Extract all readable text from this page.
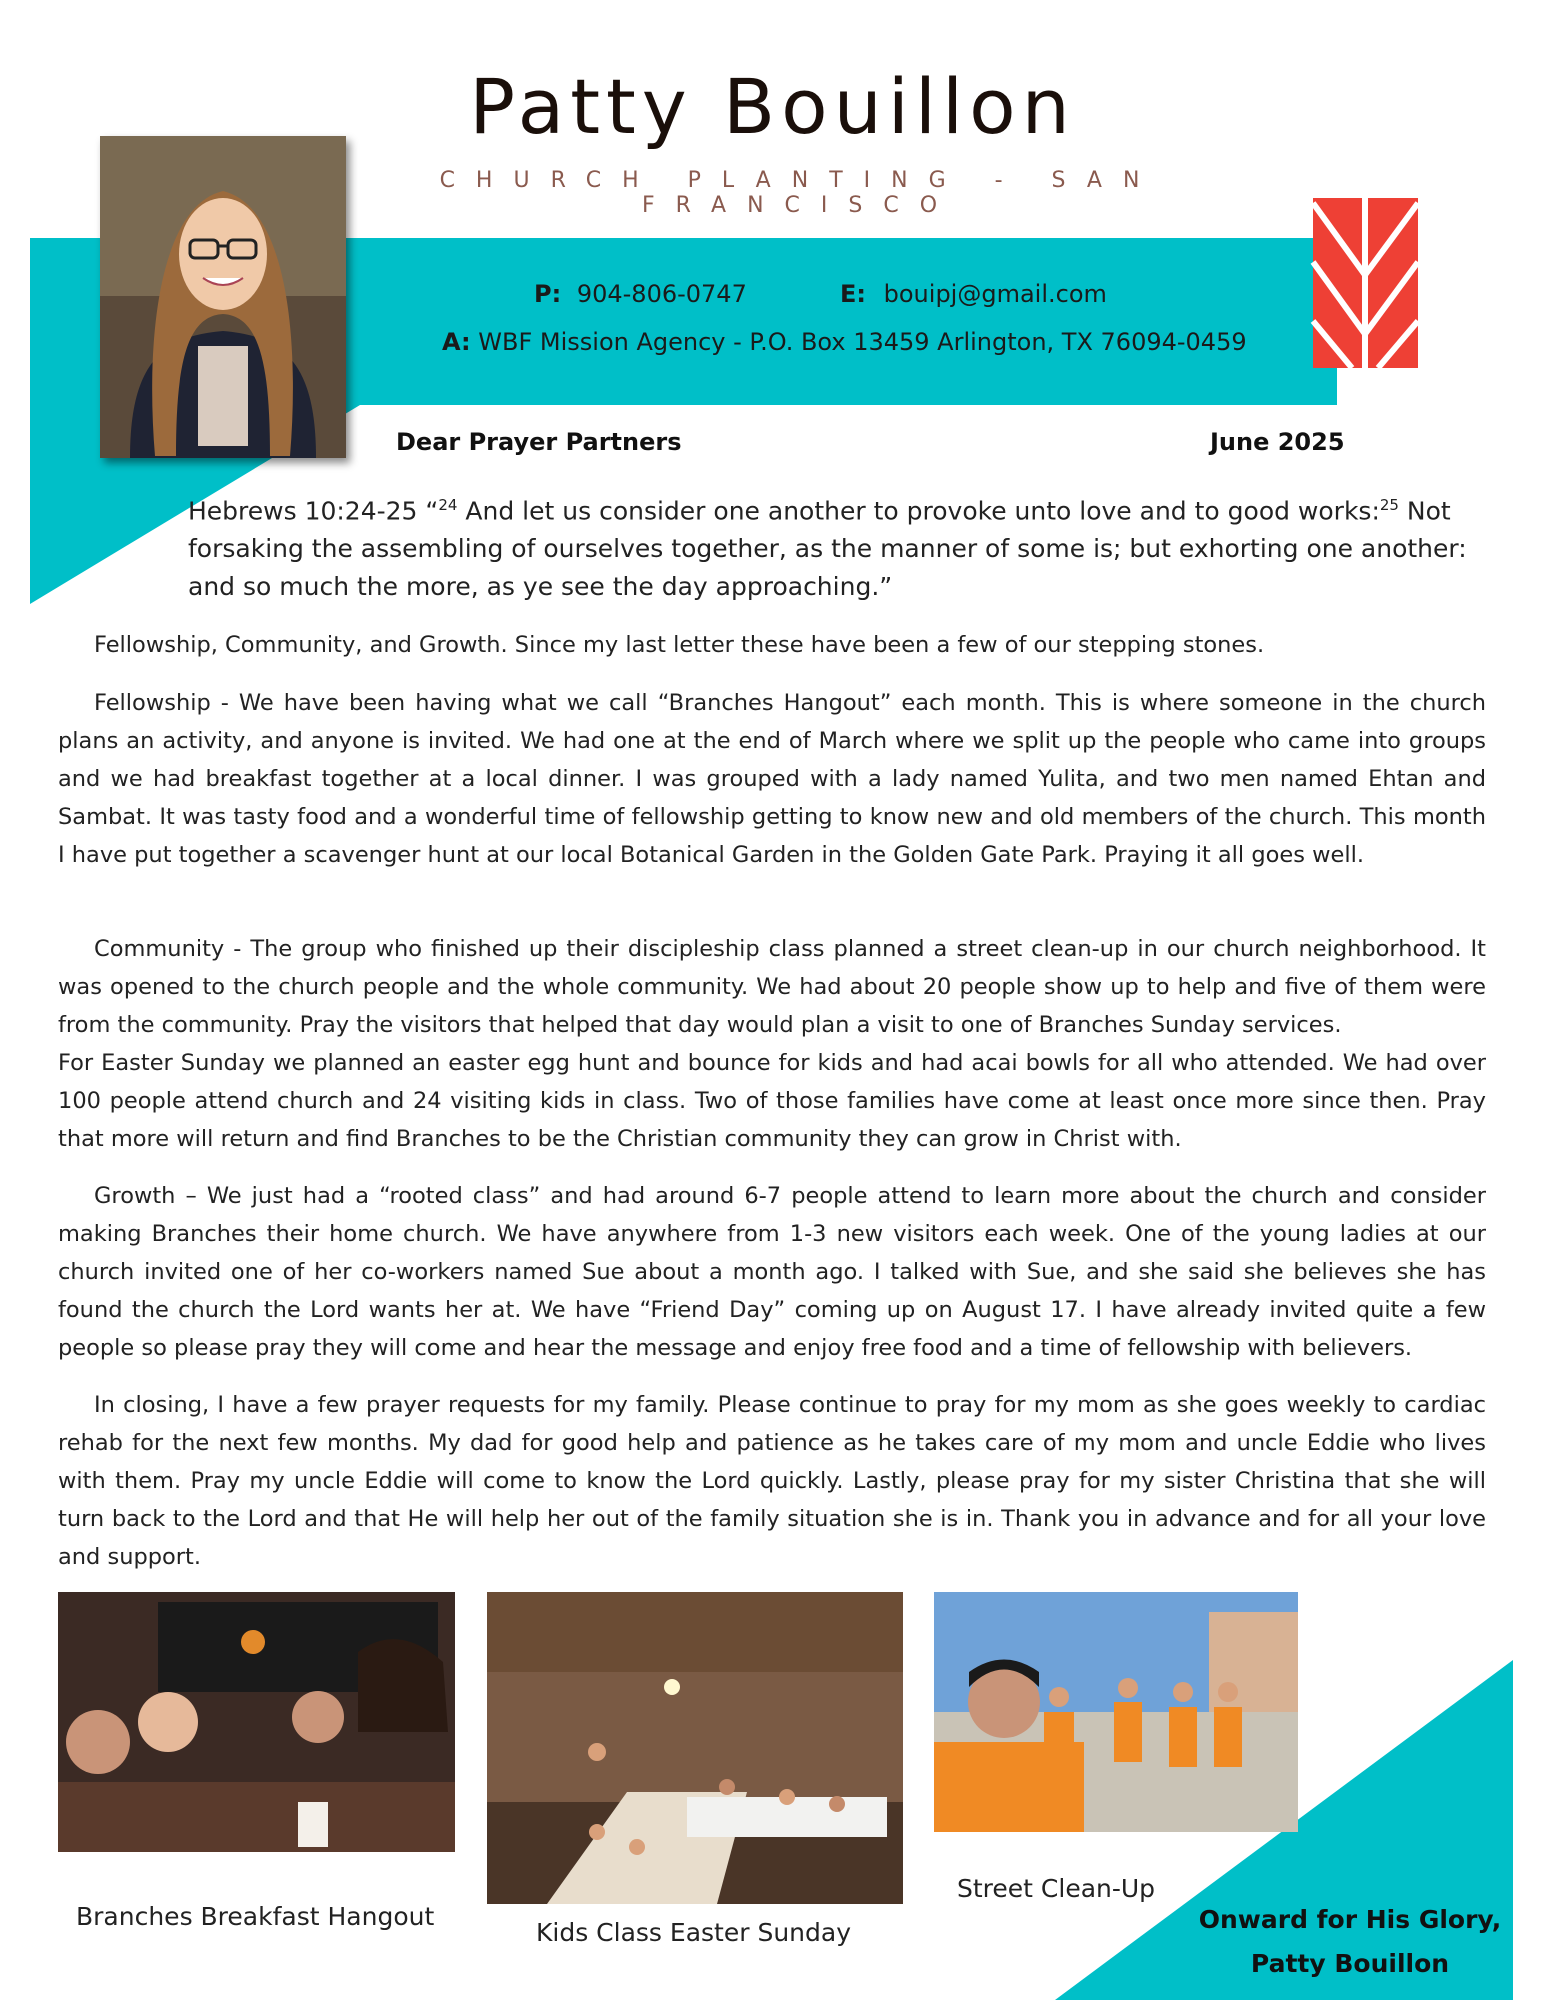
Patty Bouillon
CHURCH PLANTING - SAN FRANCISCO
P: 904-806-0747	E: bouipj@gmail.com
A: WBF Mission Agency - P.O. Box 13459 Arlington, TX 76094-0459
Dear Prayer Partners	June 2025
Hebrews 10:24-25 “$^{24}$ And let us consider one another to provoke unto love and to good works:$^{25}$ Not forsaking the assembling of ourselves together, as the manner of some is; but exhorting one another: and so much the more, as ye see the day approaching.”

Fellowship, Community, and Growth. Since my last letter these have been a few of our stepping stones.

Fellowship - We have been having what we call “Branches Hangout” each month. This is where someone in the church plans an activity, and anyone is invited. We had one at the end of March where we split up the people who came into groups and we had breakfast together at a local dinner. I was grouped with a lady named Yulita, and two men named Ehtan and Sambat. It was tasty food and a wonderful time of fellowship getting to know new and old members of the church. This month I have put together a scavenger hunt at our local Botanical Garden in the Golden Gate Park. Praying it all goes well.

Community - The group who finished up their discipleship class planned a street clean-up in our church neighborhood. It was opened to the church people and the whole community. We had about 20 people show up to help and five of them were from the community. Pray the visitors that helped that day would plan a visit to one of Branches Sunday services.

For Easter Sunday we planned an easter egg hunt and bounce for kids and had acai bowls for all who attended. We had over 100 people attend church and 24 visiting kids in class. Two of those families have come at least once more since then. Pray that more will return and find Branches to be the Christian community they can grow in Christ with.

Growth – We just had a “rooted class” and had around 6-7 people attend to learn more about the church and consider making Branches their home church. We have anywhere from 1-3 new visitors each week. One of the young ladies at our church invited one of her co-workers named Sue about a month ago. I talked with Sue, and she said she believes she has found the church the Lord wants her at. We have “Friend Day” coming up on August 17. I have already invited quite a few people so please pray they will come and hear the message and enjoy free food and a time of fellowship with believers.

In closing, I have a few prayer requests for my family. Please continue to pray for my mom as she goes weekly to cardiac rehab for the next few months. My dad for good help and patience as he takes care of my mom and uncle Eddie who lives with them. Pray my uncle Eddie will come to know the Lord quickly. Lastly, please pray for my sister Christina that she will turn back to the Lord and that He will help her out of the family situation she is in. Thank you in advance and for all your love and support.

Branches Breakfast Hangout
Kids Class Easter Sunday
Street Clean-Up
Onward for His Glory,
Patty Bouillon
